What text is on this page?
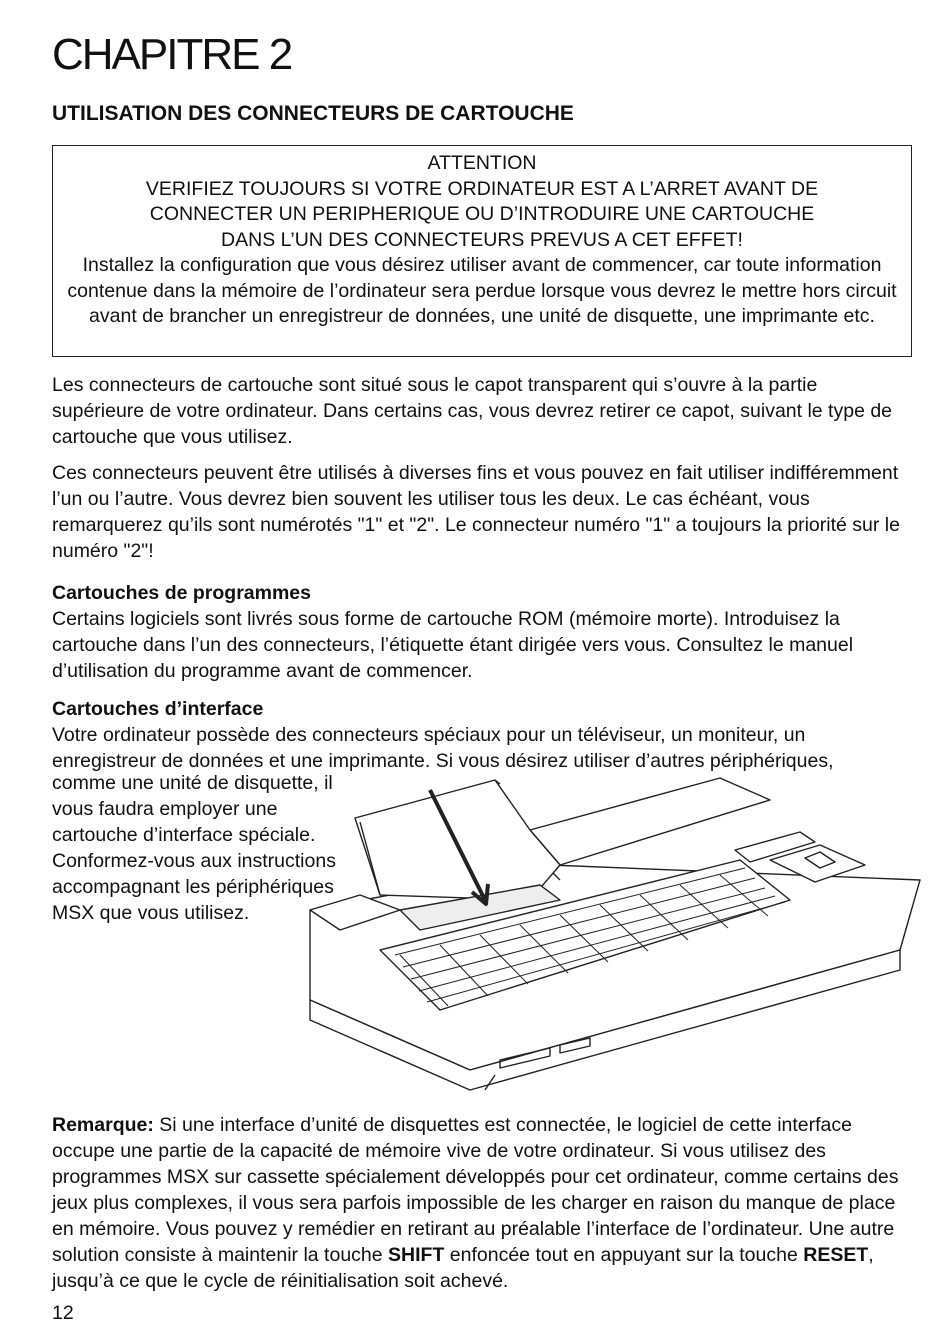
CHAPITRE 2
UTILISATION DES CONNECTEURS DE CARTOUCHE

ATTENTION

VERIFIEZ TOUJOURS SI VOTRE ORDINATEUR EST A L’ARRET AVANT DE CONNECTER UN PERIPHERIQUE OU D’INTRODUIRE UNE CARTOUCHE DANS L’UN DES CONNECTEURS PREVUS A CET EFFET!

Installez la configuration que vous désirez utiliser avant de commencer, car toute information contenue dans la mémoire de l’ordinateur sera perdue lorsque vous devrez le mettre hors circuit avant de brancher un enregistreur de données, une unité de disquette, une imprimante etc.

Les connecteurs de cartouche sont situé sous le capot transparent qui s’ouvre à la partie supérieure de votre ordinateur. Dans certains cas, vous devrez retirer ce capot, suivant le type de cartouche que vous utilisez.

Ces connecteurs peuvent être utilisés à diverses fins et vous pouvez en fait utiliser indifféremment l’un ou l’autre. Vous devrez bien souvent les utiliser tous les deux. Le cas échéant, vous remarquerez qu’ils sont numérotés "1" et "2". Le connecteur numéro "1" a toujours la priorité sur le numéro "2"!

Cartouches de programmes

Certains logiciels sont livrés sous forme de cartouche ROM (mémoire morte). Introduisez la cartouche dans l’un des connecteurs, l’étiquette étant dirigée vers vous. Consultez le manuel d’utilisation du programme avant de commencer.

Cartouches d’interface

Votre ordinateur possède des connecteurs spéciaux pour un téléviseur, un moniteur, un enregistreur de données et une imprimante. Si vous désirez utiliser d’autres périphériques,

comme une unité de disquette, il vous faudra employer une cartouche d’interface spéciale. Conformez-vous aux instructions accompagnant les périphériques MSX que vous utilisez.

Remarque: Si une interface d’unité de disquettes est connectée, le logiciel de cette interface occupe une partie de la capacité de mémoire vive de votre ordinateur. Si vous utilisez des programmes MSX sur cassette spécialement développés pour cet ordinateur, comme certains des jeux plus complexes, il vous sera parfois impossible de les charger en raison du manque de place en mémoire. Vous pouvez y remédier en retirant au préalable l’interface de l’ordinateur. Une autre solution consiste à maintenir la touche SHIFT enfoncée tout en appuyant sur la touche RESET, jusqu’à ce que le cycle de réinitialisation soit achevé.

12
